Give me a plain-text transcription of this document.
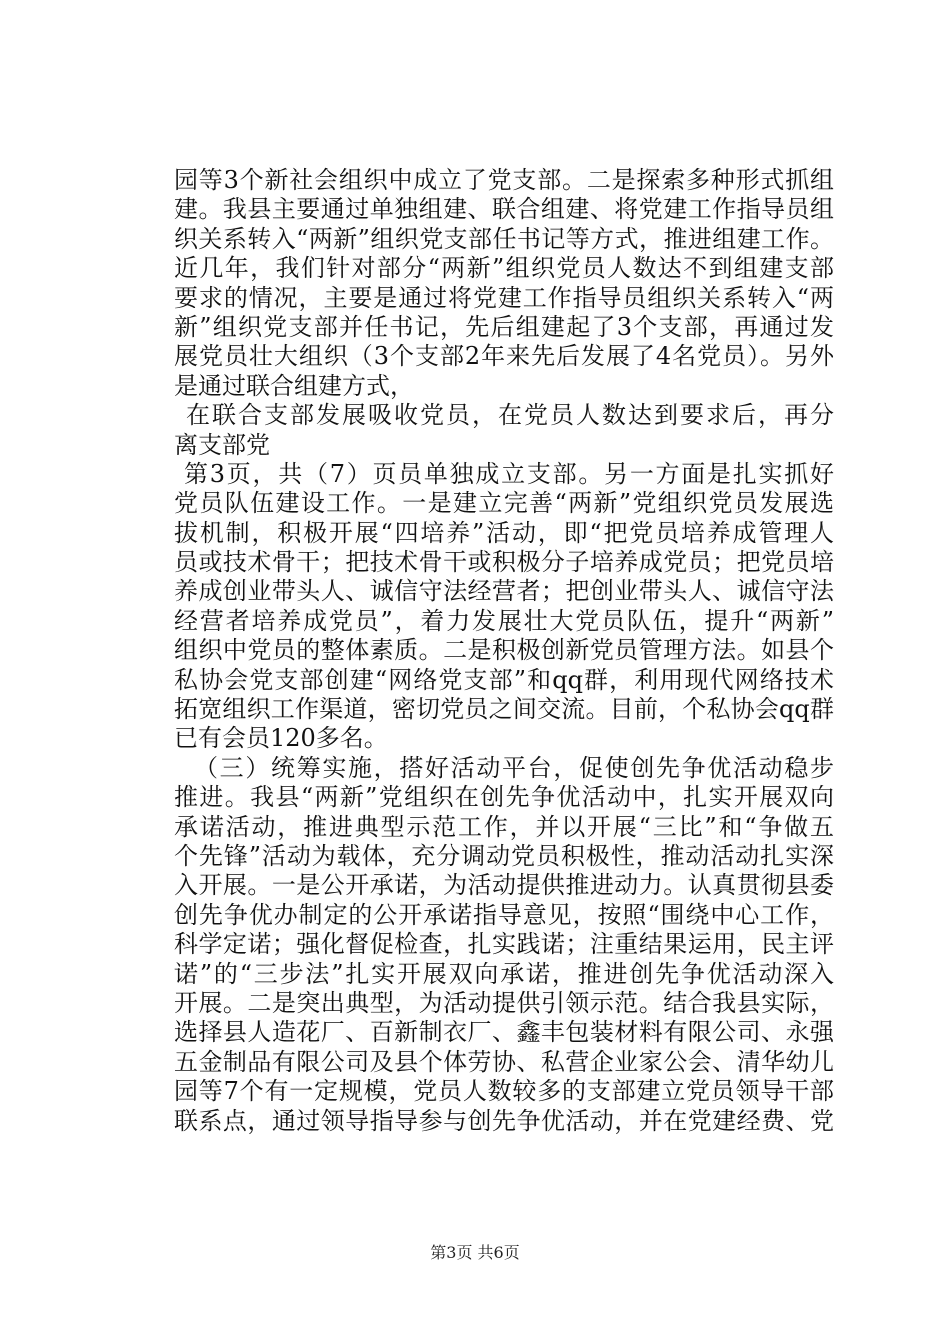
园等3个新社会组织中成立了党支部。二是探索多种形式抓组
建。我县主要通过单独组建、联合组建、将党建工作指导员组
织关系转入“两新”组织党支部任书记等方式，推进组建工作。
近几年，我们针对部分“两新”组织党员人数达不到组建支部
要求的情况，主要是通过将党建工作指导员组织关系转入“两
新”组织党支部并任书记，先后组建起了3个支部，再通过发
展党员壮大组织（3个支部2年来先后发展了4名党员）。另外
是通过联合组建方式，
在联合支部发展吸收党员，在党员人数达到要求后，再分
离支部党
第3页，共（7）页员单独成立支部。另一方面是扎实抓好
党员队伍建设工作。一是建立完善“两新”党组织党员发展选
拔机制，积极开展“四培养”活动，即“把党员培养成管理人
员或技术骨干；把技术骨干或积极分子培养成党员；把党员培
养成创业带头人、诚信守法经营者；把创业带头人、诚信守法
经营者培养成党员”，着力发展壮大党员队伍，提升“两新”
组织中党员的整体素质。二是积极创新党员管理方法。如县个
私协会党支部创建“网络党支部”和qq群，利用现代网络技术
拓宽组织工作渠道，密切党员之间交流。目前，个私协会qq群
已有会员120多名。
（三）统筹实施，搭好活动平台，促使创先争优活动稳步
推进。我县“两新”党组织在创先争优活动中，扎实开展双向
承诺活动，推进典型示范工作，并以开展“三比”和“争做五
个先锋”活动为载体，充分调动党员积极性，推动活动扎实深
入开展。一是公开承诺，为活动提供推进动力。认真贯彻县委
创先争优办制定的公开承诺指导意见，按照“围绕中心工作，
科学定诺；强化督促检查，扎实践诺；注重结果运用，民主评
诺”的“三步法”扎实开展双向承诺，推进创先争优活动深入
开展。二是突出典型，为活动提供引领示范。结合我县实际，
选择县人造花厂、百新制衣厂、鑫丰包装材料有限公司、永强
五金制品有限公司及县个体劳协、私营企业家公会、清华幼儿
园等7个有一定规模，党员人数较多的支部建立党员领导干部
联系点，通过领导指导参与创先争优活动，并在党建经费、党
第3页 共6页
